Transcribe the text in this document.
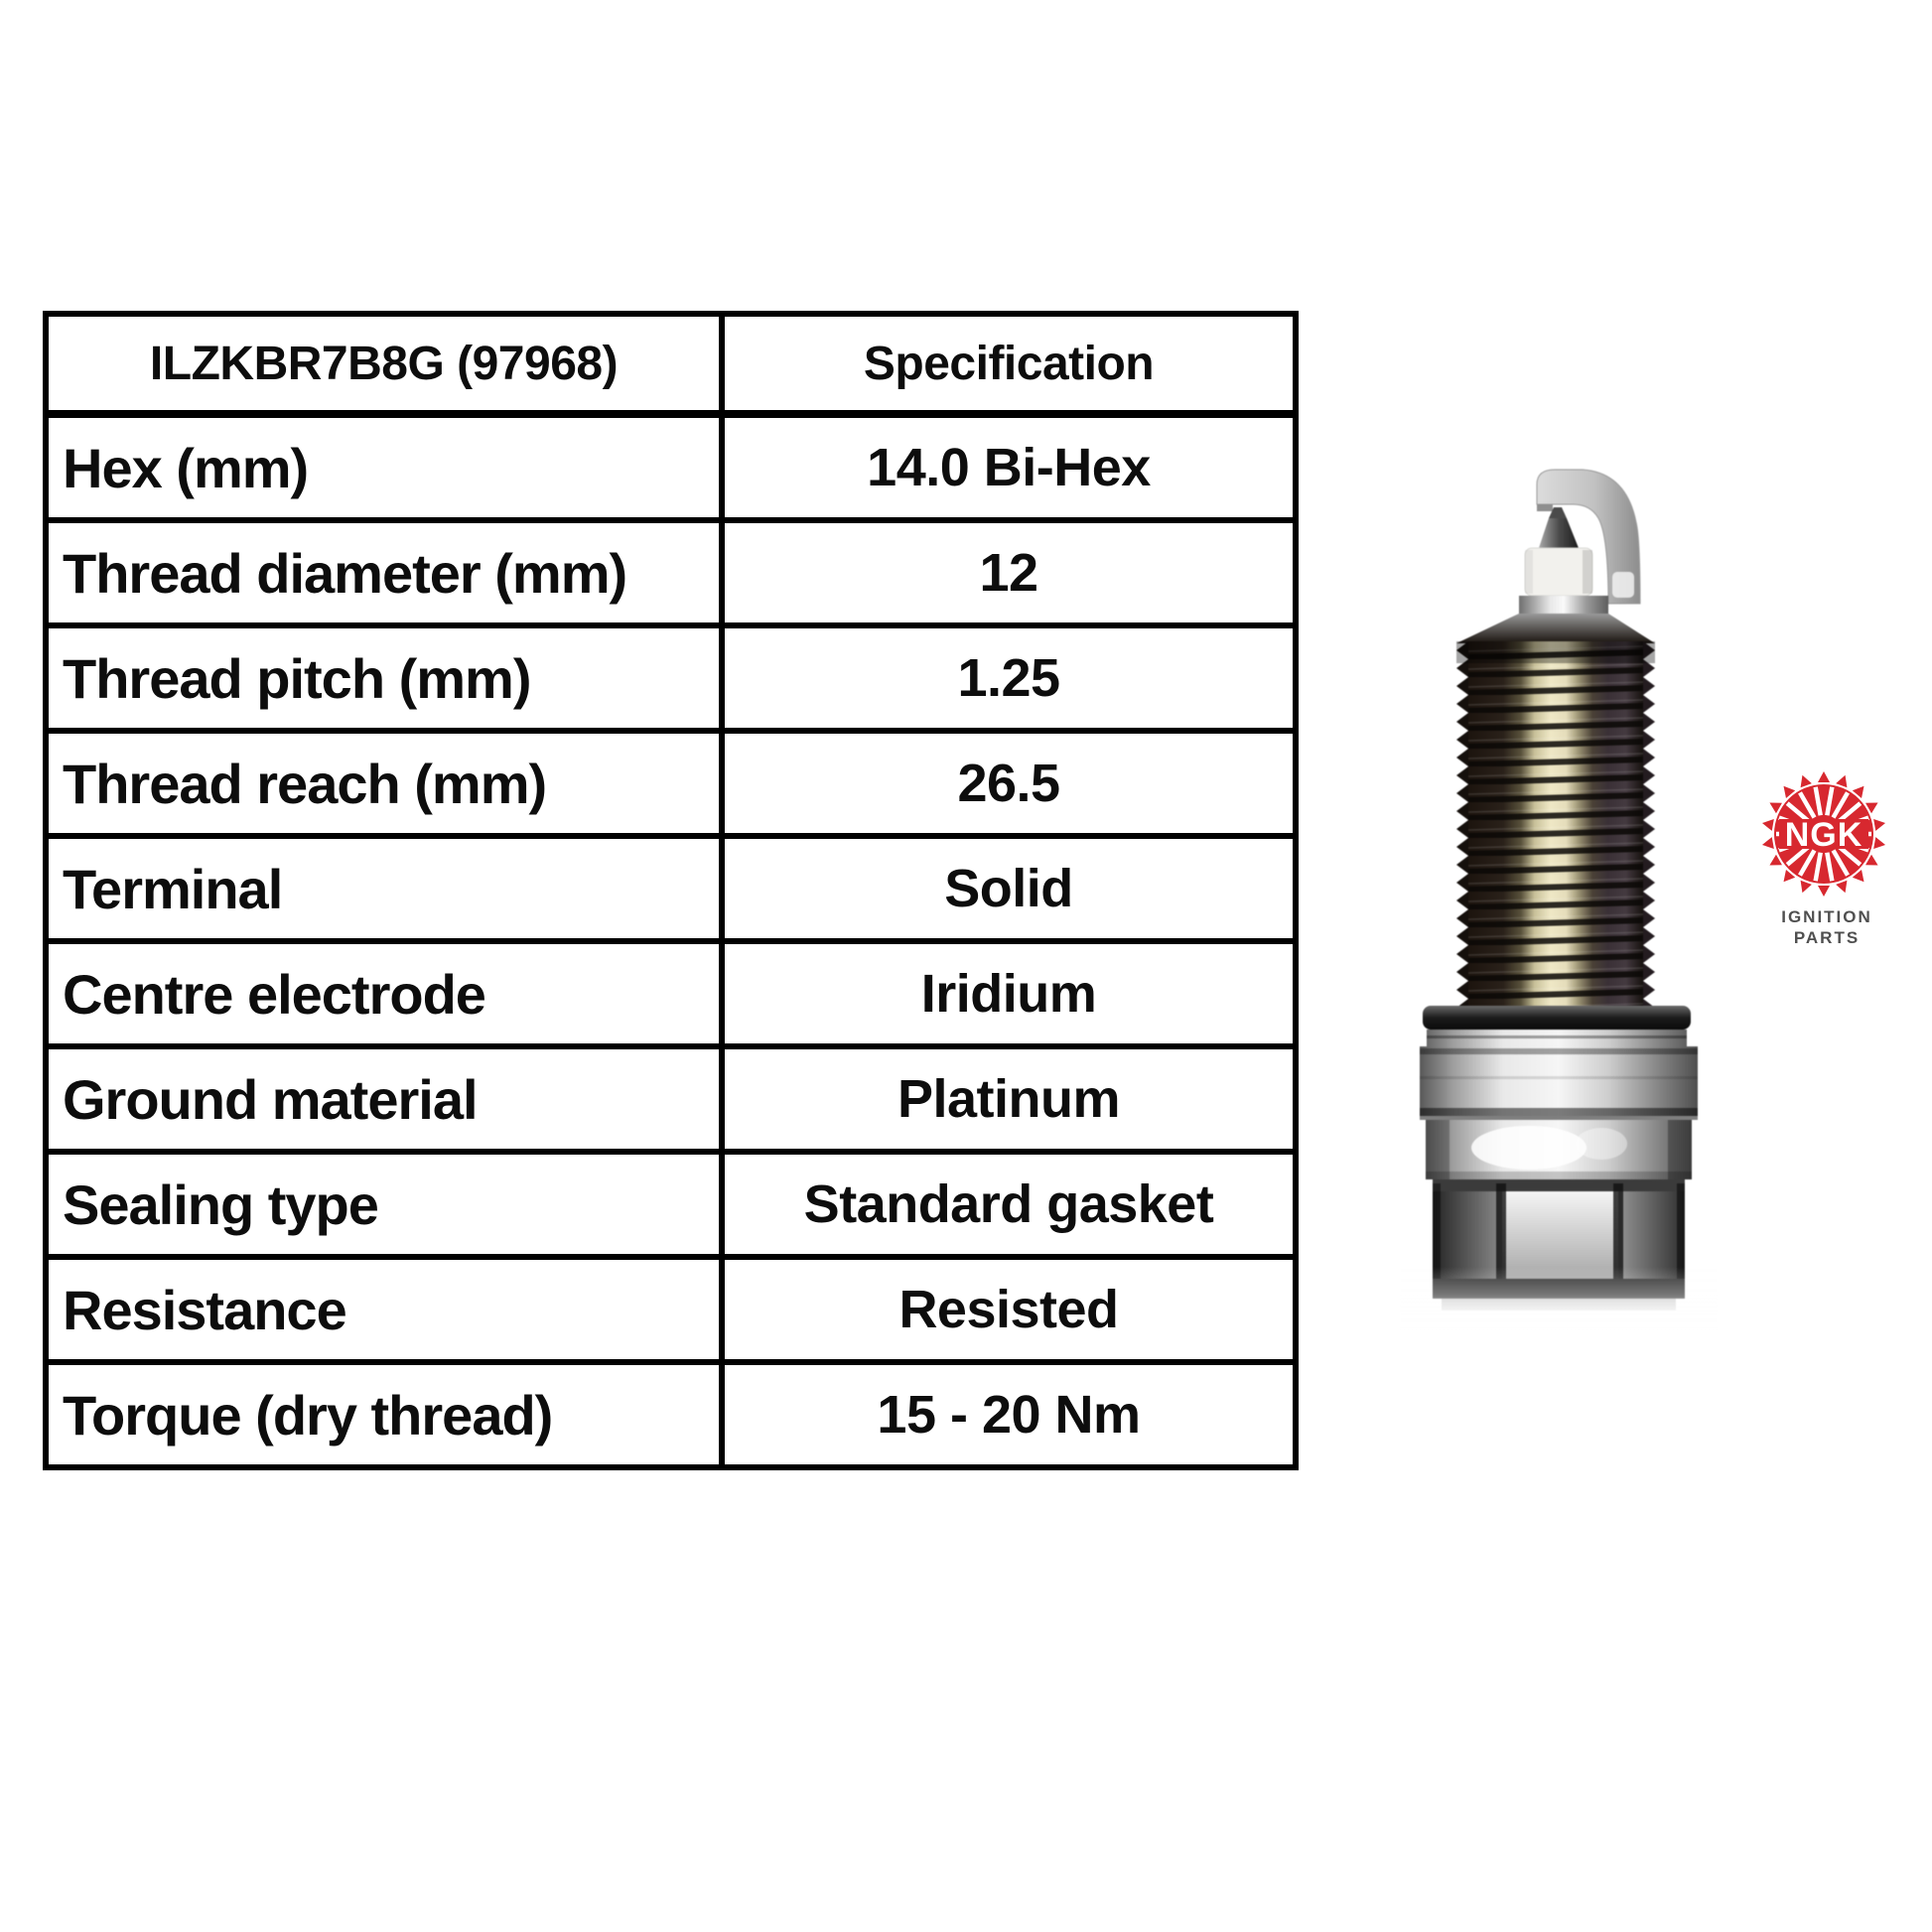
ILZKBR7B8G (97968)	Specification
Hex (mm)	14.0 Bi-Hex
Thread diameter (mm)	12
Thread pitch (mm)	1.25
Thread reach (mm)	26.5
Terminal	Solid
Centre electrode	Iridium
Ground material	Platinum
Sealing type	Standard gasket
Resistance	Resisted
Torque (dry thread)	15 - 20 Nm
NGK
IGNITION
PARTS
